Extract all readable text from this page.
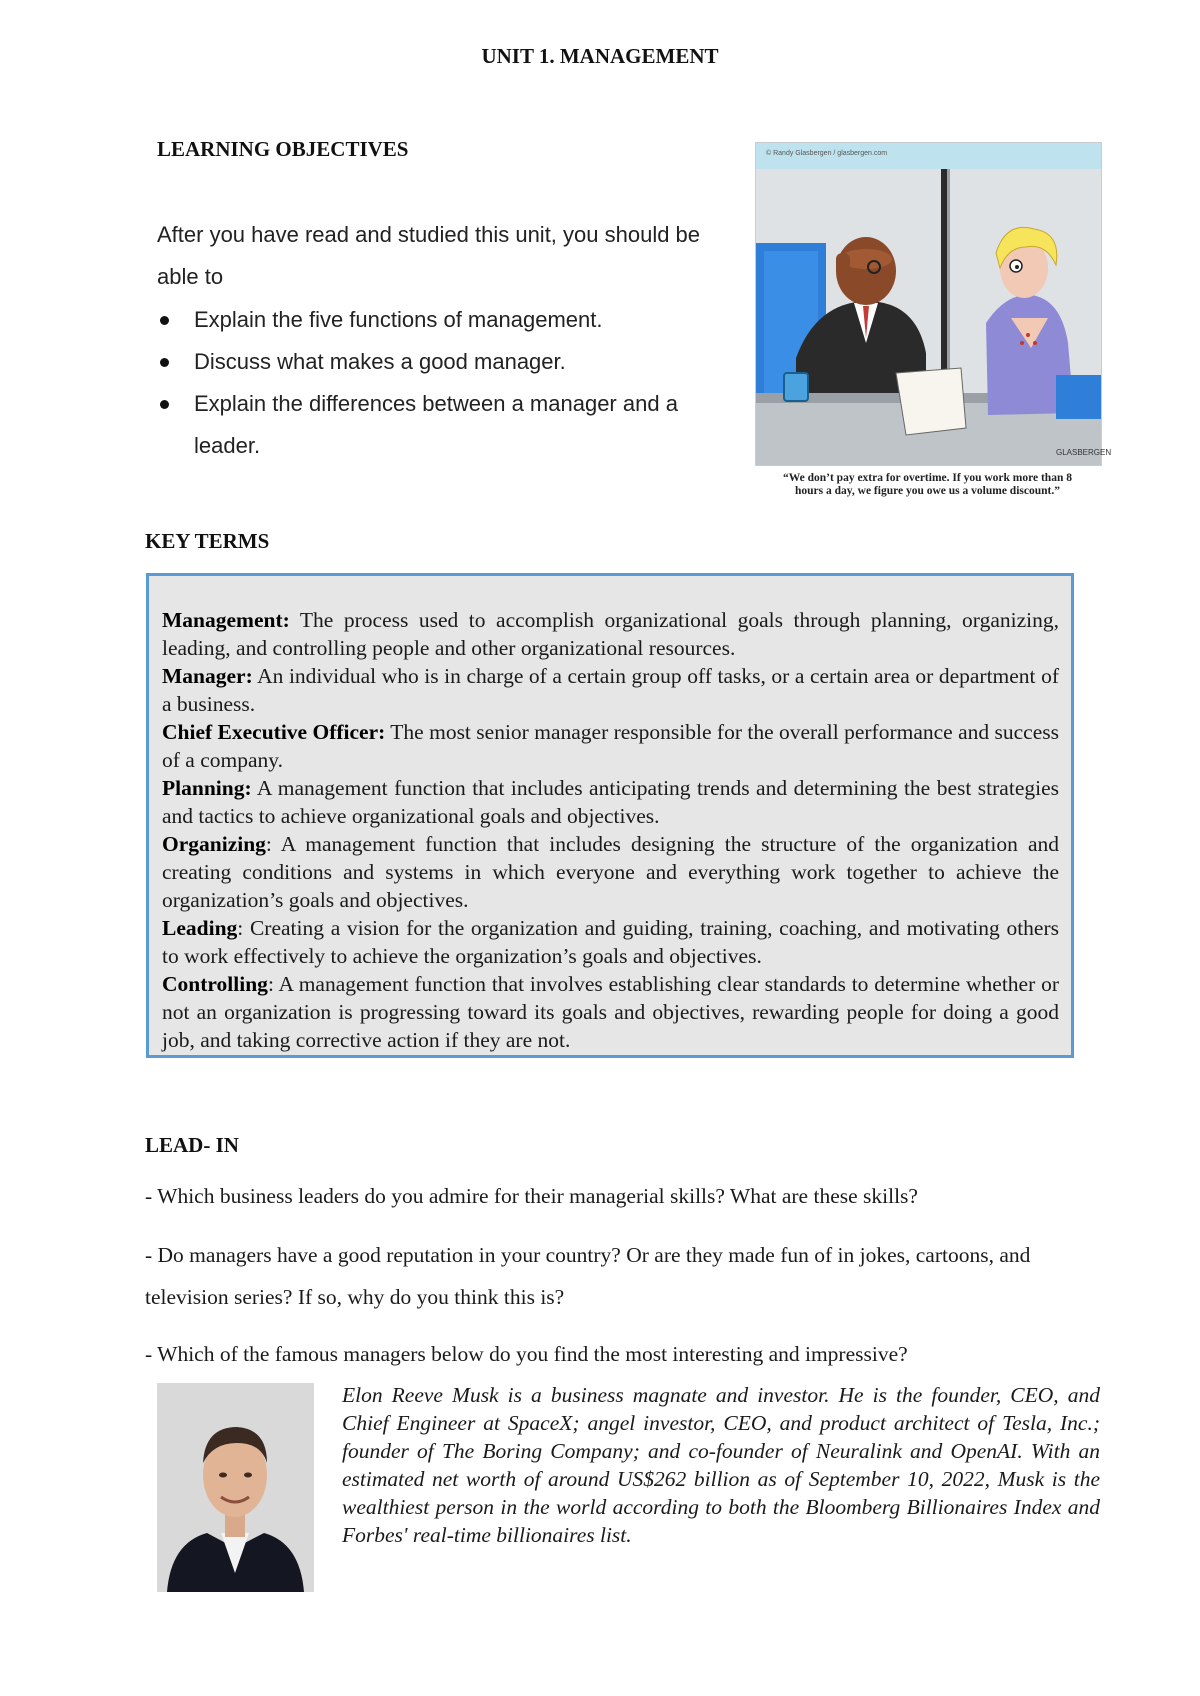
UNIT 1. MANAGEMENT
LEARNING OBJECTIVES
After you have read and studied this unit, you should be able to
Explain the five functions of management.
Discuss what makes a good manager.
Explain the differences between a manager and a leader.
© Randy Glasbergen / glasbergen.com
GLASBERGEN
“We don’t pay extra for overtime. If you work more than 8 hours a day, we figure you owe us a volume discount.”
KEY TERMS

Management: The process used to accomplish organizational goals through planning, organizing, leading, and controlling people and other organizational resources.

Manager: An individual who is in charge of a certain group off tasks, or a certain area or department of a business.

Chief Executive Officer: The most senior manager responsible for the overall performance and success of a company.

Planning: A management function that includes anticipating trends and determining the best strategies and tactics to achieve organizational goals and objectives.

Organizing: A management function that includes designing the structure of the organization and creating conditions and systems in which everyone and everything work together to achieve the organization’s goals and objectives.

Leading: Creating a vision for the organization and guiding, training, coaching, and motivating others to work effectively to achieve the organization’s goals and objectives.

Controlling: A management function that involves establishing clear standards to determine whether or not an organization is progressing toward its goals and objectives, rewarding people for doing a good job, and taking corrective action if they are not.

LEAD- IN
- Which business leaders do you admire for their managerial skills? What are these skills?
- Do managers have a good reputation in your country? Or are they made fun of in jokes, cartoons, and television series? If so, why do you think this is?
- Which of the famous managers below do you find the most interesting and impressive?
Elon Reeve Musk is a business magnate and investor. He is the founder, CEO, and Chief Engineer at SpaceX; angel investor, CEO, and product architect of Tesla, Inc.; founder of The Boring Company; and co-founder of Neuralink and OpenAI. With an estimated net worth of around US$262 billion as of September 10, 2022, Musk is the wealthiest person in the world according to both the Bloomberg Billionaires Index and Forbes' real-time billionaires list.
